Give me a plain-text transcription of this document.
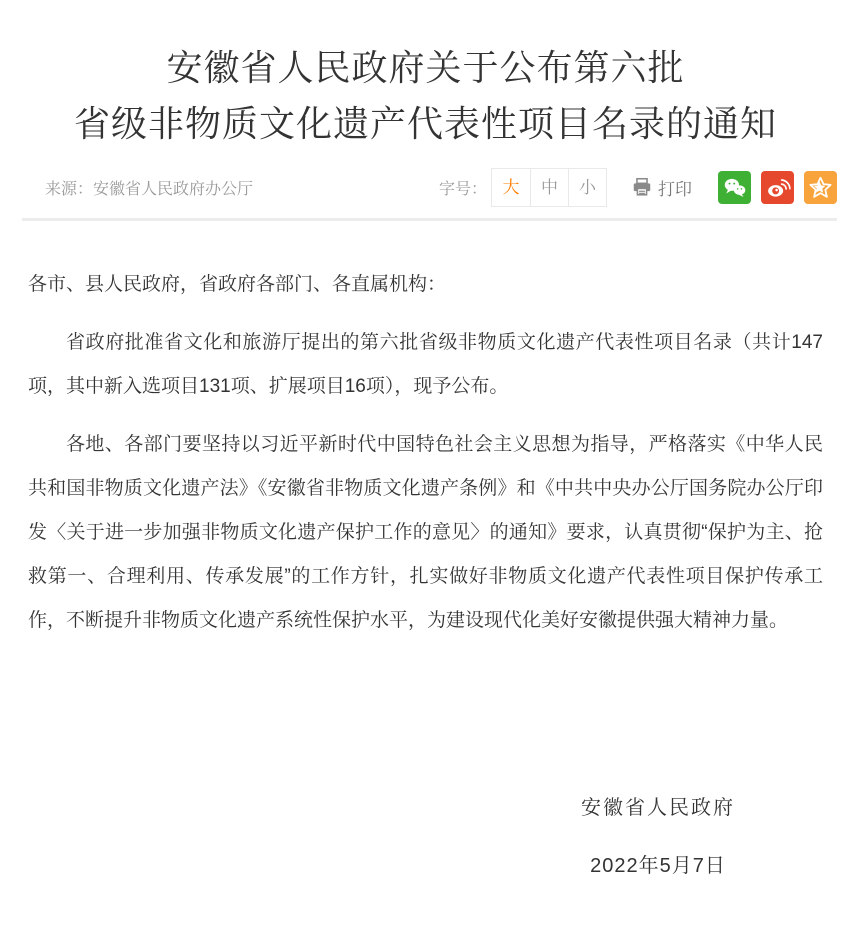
安徽省人民政府关于公布第六批
省级非物质文化遗产代表性项目名录的通知
来源：安徽省人民政府办公厅	字号： 大	中	小	打印

各市、县人民政府，省政府各部门、各直属机构：

省政府批准省文化和旅游厅提出的第六批省级非物质文化遗产代表性项目名录（共计147项，其中新入选项目131项、扩展项目16项），现予公布。

各地、各部门要坚持以习近平新时代中国特色社会主义思想为指导，严格落实《中华人民共和国非物质文化遗产法》《安徽省非物质文化遗产条例》和《中共中央办公厅国务院办公厅印发〈关于进一步加强非物质文化遗产保护工作的意见〉的通知》要求，认真贯彻“保护为主、抢救第一、合理利用、传承发展”的工作方针，扎实做好非物质文化遗产代表性项目保护传承工作，不断提升非物质文化遗产系统性保护水平，为建设现代化美好安徽提供强大精神力量。

安徽省人民政府
2022年5月7日
